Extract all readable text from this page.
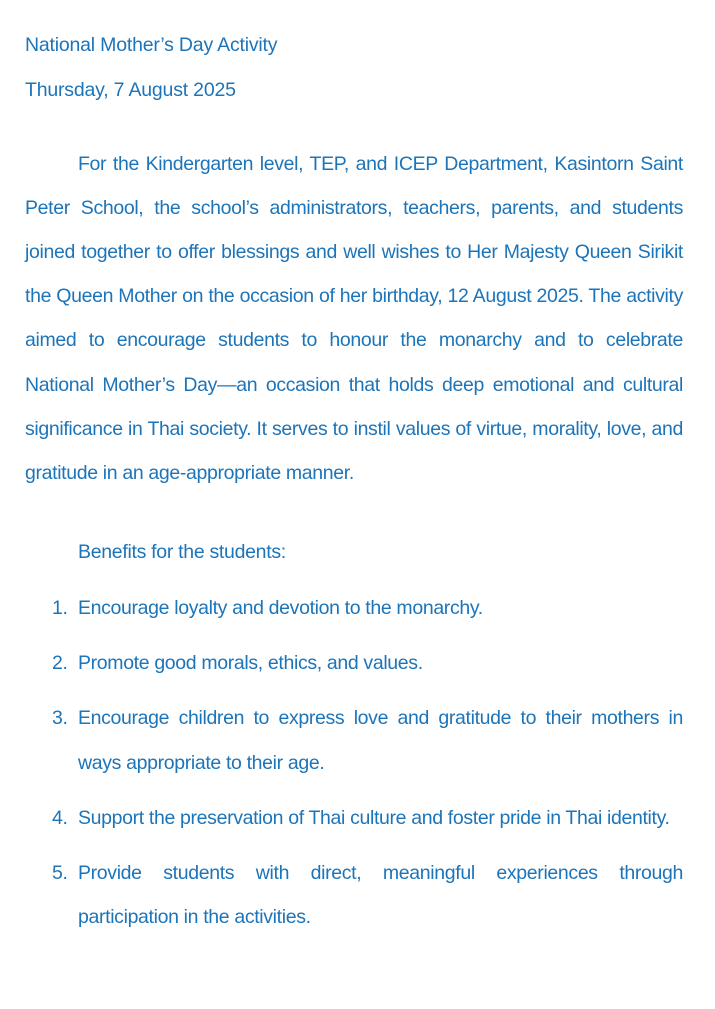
National Mother’s Day Activity
Thursday, 7 August 2025

For the Kindergarten level, TEP, and ICEP Department, Kasintorn Saint Peter School, the school’s administrators, teachers, parents, and students joined together to offer blessings and well wishes to Her Majesty Queen Sirikit the Queen Mother on the occasion of her birthday, 12 August 2025. The activity aimed to encourage students to honour the monarchy and to celebrate National Mother’s Day—an occasion that holds deep emotional and cultural significance in Thai society. It serves to instil values of virtue, morality, love, and gratitude in an age-appropriate manner.

Benefits for the students:
1. Encourage loyalty and devotion to the monarchy.
2. Promote good morals, ethics, and values.
3. Encourage children to express love and gratitude to their mothers in ways appropriate to their age.
4. Support the preservation of Thai culture and foster pride in Thai identity.
5. Provide students with direct, meaningful experiences through participation in the activities.
